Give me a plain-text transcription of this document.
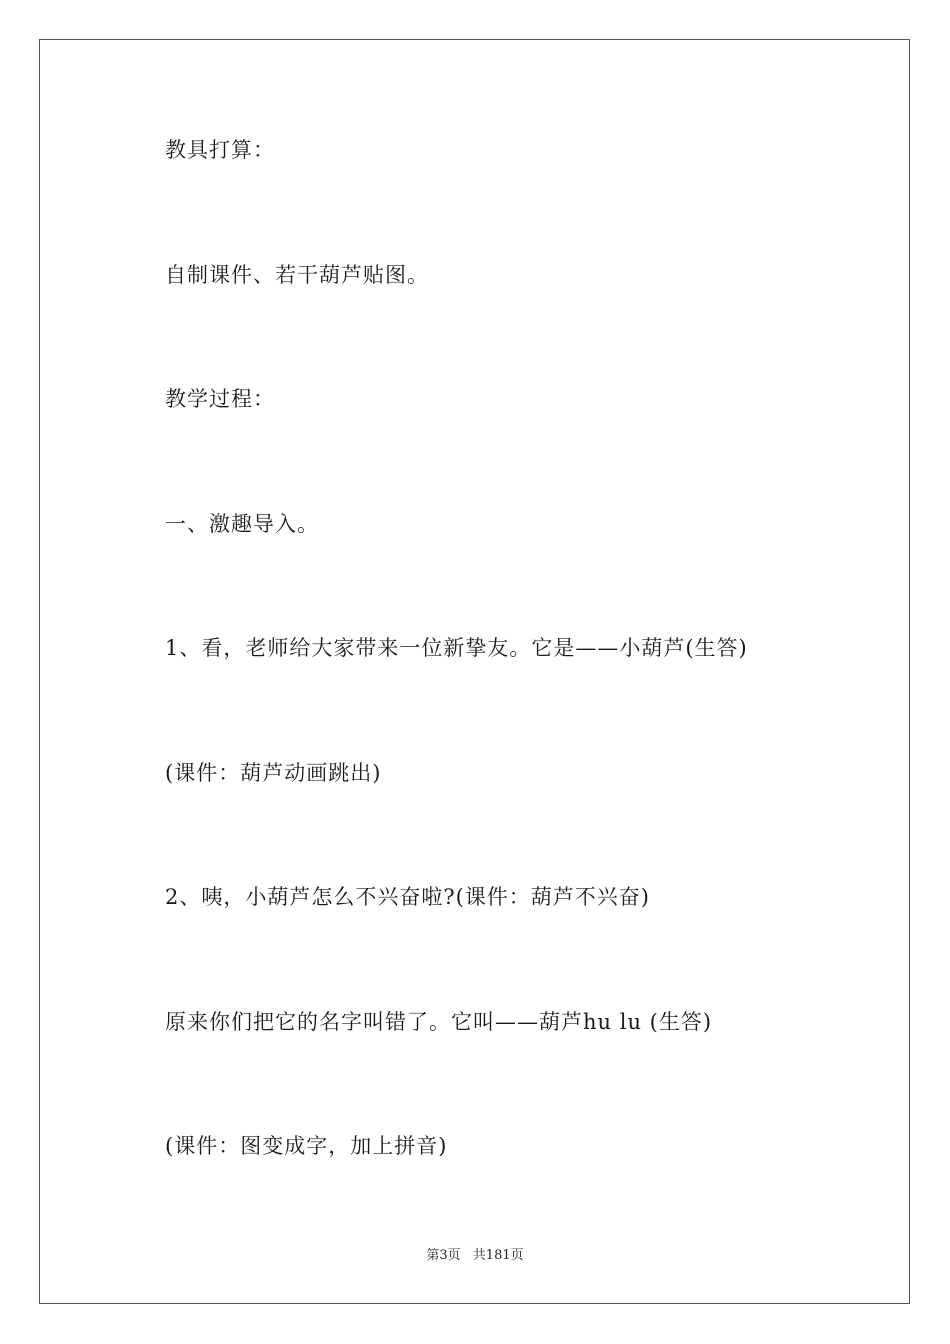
教具打算：
自制课件、若干葫芦贴图。
教学过程：
一、激趣导入。
1、看，老师给大家带来一位新挚友。它是——小葫芦(生答)
(课件：葫芦动画跳出)
2、咦，小葫芦怎么不兴奋啦?(课件：葫芦不兴奋)
原来你们把它的名字叫错了。它叫——葫芦hu lu (生答)
(课件：图变成字，加上拼音)
第3页 共181页
